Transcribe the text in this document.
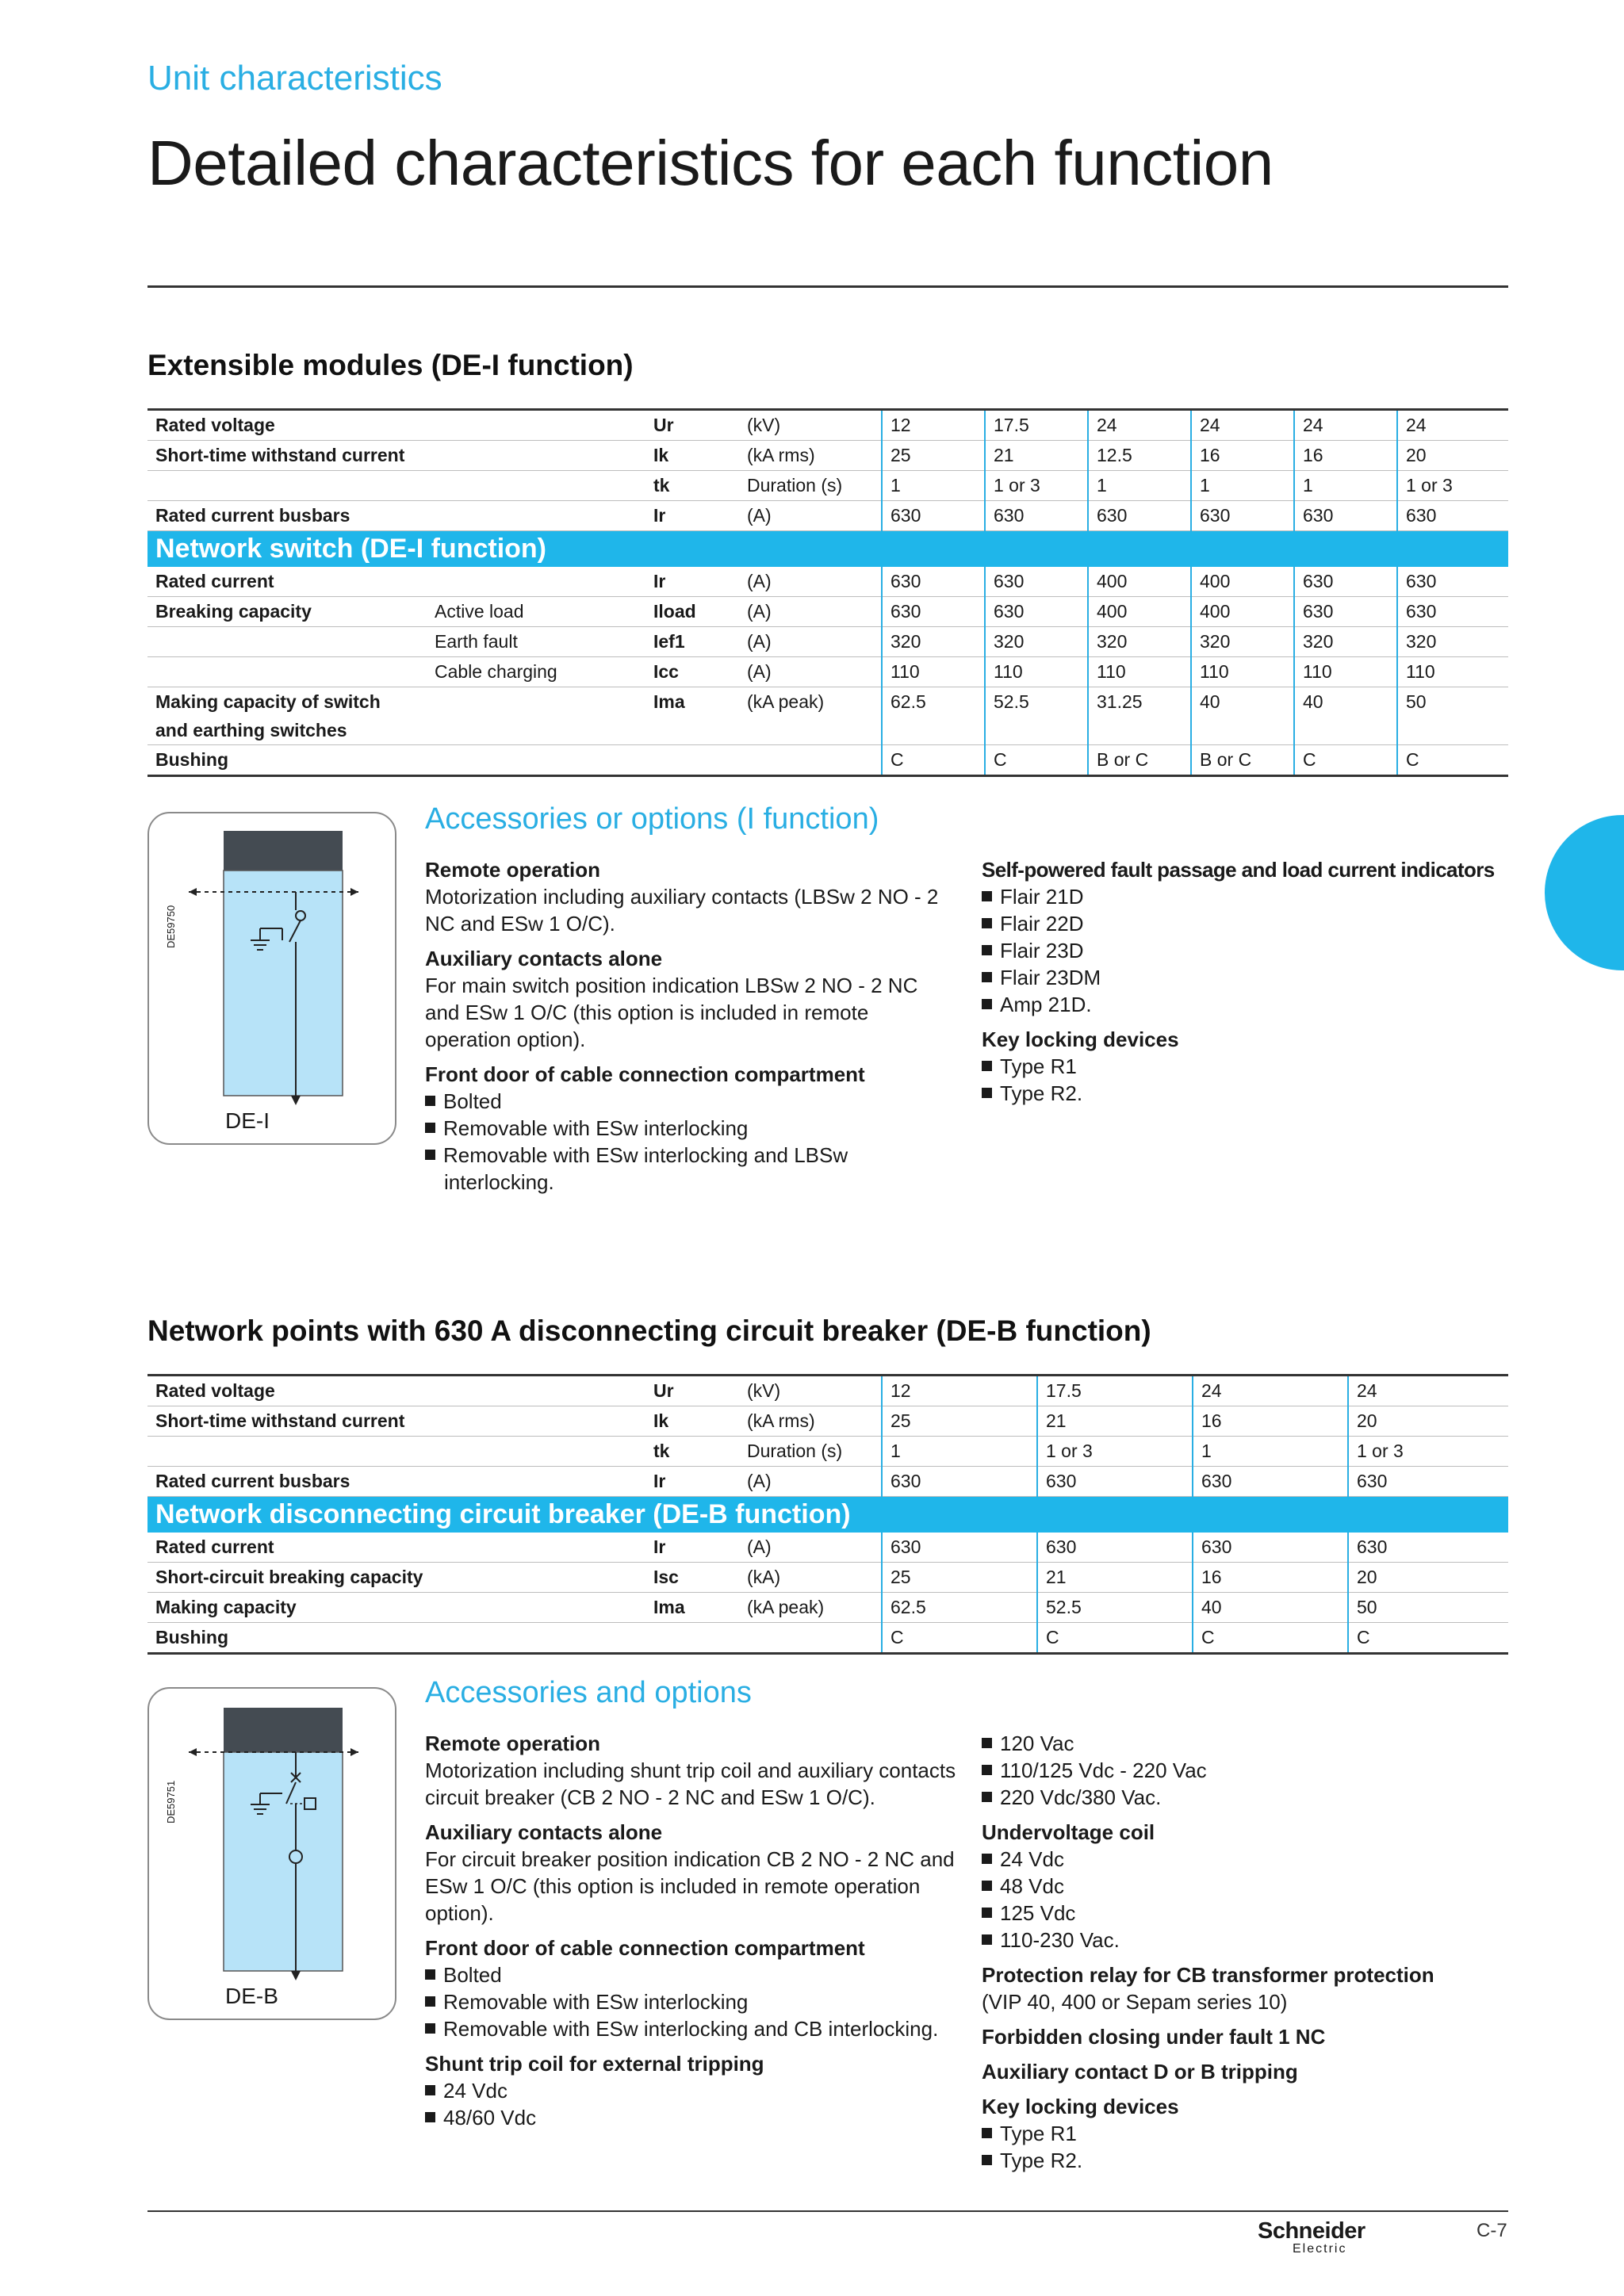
Unit characteristics
Detailed characteristics for each function
Extensible modules (DE-I function)
Rated voltage		Ur	(kV)	12	17.5	24	24	24	24
Short-time withstand current		Ik	(kA rms)	25	21	12.5	16	16	20
		tk	Duration (s)	1	1 or 3	1	1	1	1 or 3
Rated current busbars		Ir	(A)	630	630	630	630	630	630
Network switch (DE-I function)									
Rated current		Ir	(A)	630	630	400	400	630	630
Breaking capacity	Active load	Iload	(A)	630	630	400	400	630	630
	Earth fault	Ief1	(A)	320	320	320	320	320	320
	Cable charging	Icc	(A)	110	110	110	110	110	110

Making capacity of switch
and earthing switches		Ima	(kA peak)	62.5	52.5	31.25	40	40	50
Bushing				C	C	B or C	B or C	C	C
DE59750
DE-I
Accessories or options (I function)
Remote operation
Motorization including auxiliary contacts (LBSw 2 NO - 2 NC and ESw 1 O/C).
Auxiliary contacts alone
For main switch position indication LBSw 2 NO - 2 NC and ESw 1 O/C (this option is included in remote operation option).
Front door of cable connection compartment
Bolted
Removable with ESw interlocking
Removable with ESw interlocking and LBSw interlocking.
Self-powered fault passage and load current indicators
Flair 21D
Flair 22D
Flair 23D
Flair 23DM
Amp 21D.
Key locking devices
Type R1
Type R2.
Network points with 630 A disconnecting circuit breaker (DE-B function)
Rated voltage	Ur	(kV)	12	17.5	24	24
Short-time withstand current	Ik	(kA rms)	25	21	16	20
	tk	Duration (s)	1	1 or 3	1	1 or 3
Rated current busbars	Ir	(A)	630	630	630	630
Network disconnecting circuit breaker (DE-B function)						
Rated current	Ir	(A)	630	630	630	630
Short-circuit breaking capacity	Isc	(kA)	25	21	16	20
Making capacity	Ima	(kA peak)	62.5	52.5	40	50
Bushing			C	C	C	C
DE59751
DE-B
Accessories and options
Remote operation
Motorization including shunt trip coil and auxiliary contacts circuit breaker (CB 2 NO - 2 NC and ESw 1 O/C).
Auxiliary contacts alone
For circuit breaker position indication CB 2 NO - 2 NC and ESw 1 O/C (this option is included in remote operation option).
Front door of cable connection compartment
Bolted
Removable with ESw interlocking
Removable with ESw interlocking and CB interlocking.
Shunt trip coil for external tripping
24 Vdc
48/60 Vdc
120 Vac
110/125 Vdc - 220 Vac
220 Vdc/380 Vac.
Undervoltage coil
24 Vdc
48 Vdc
125 Vdc
110-230 Vac.
Protection relay for CB transformer protection
(VIP 40, 400 or Sepam series 10)
Forbidden closing under fault 1 NC
Auxiliary contact D or B tripping
Key locking devices
Type R1
Type R2.
Schneider
Electric
C-7
